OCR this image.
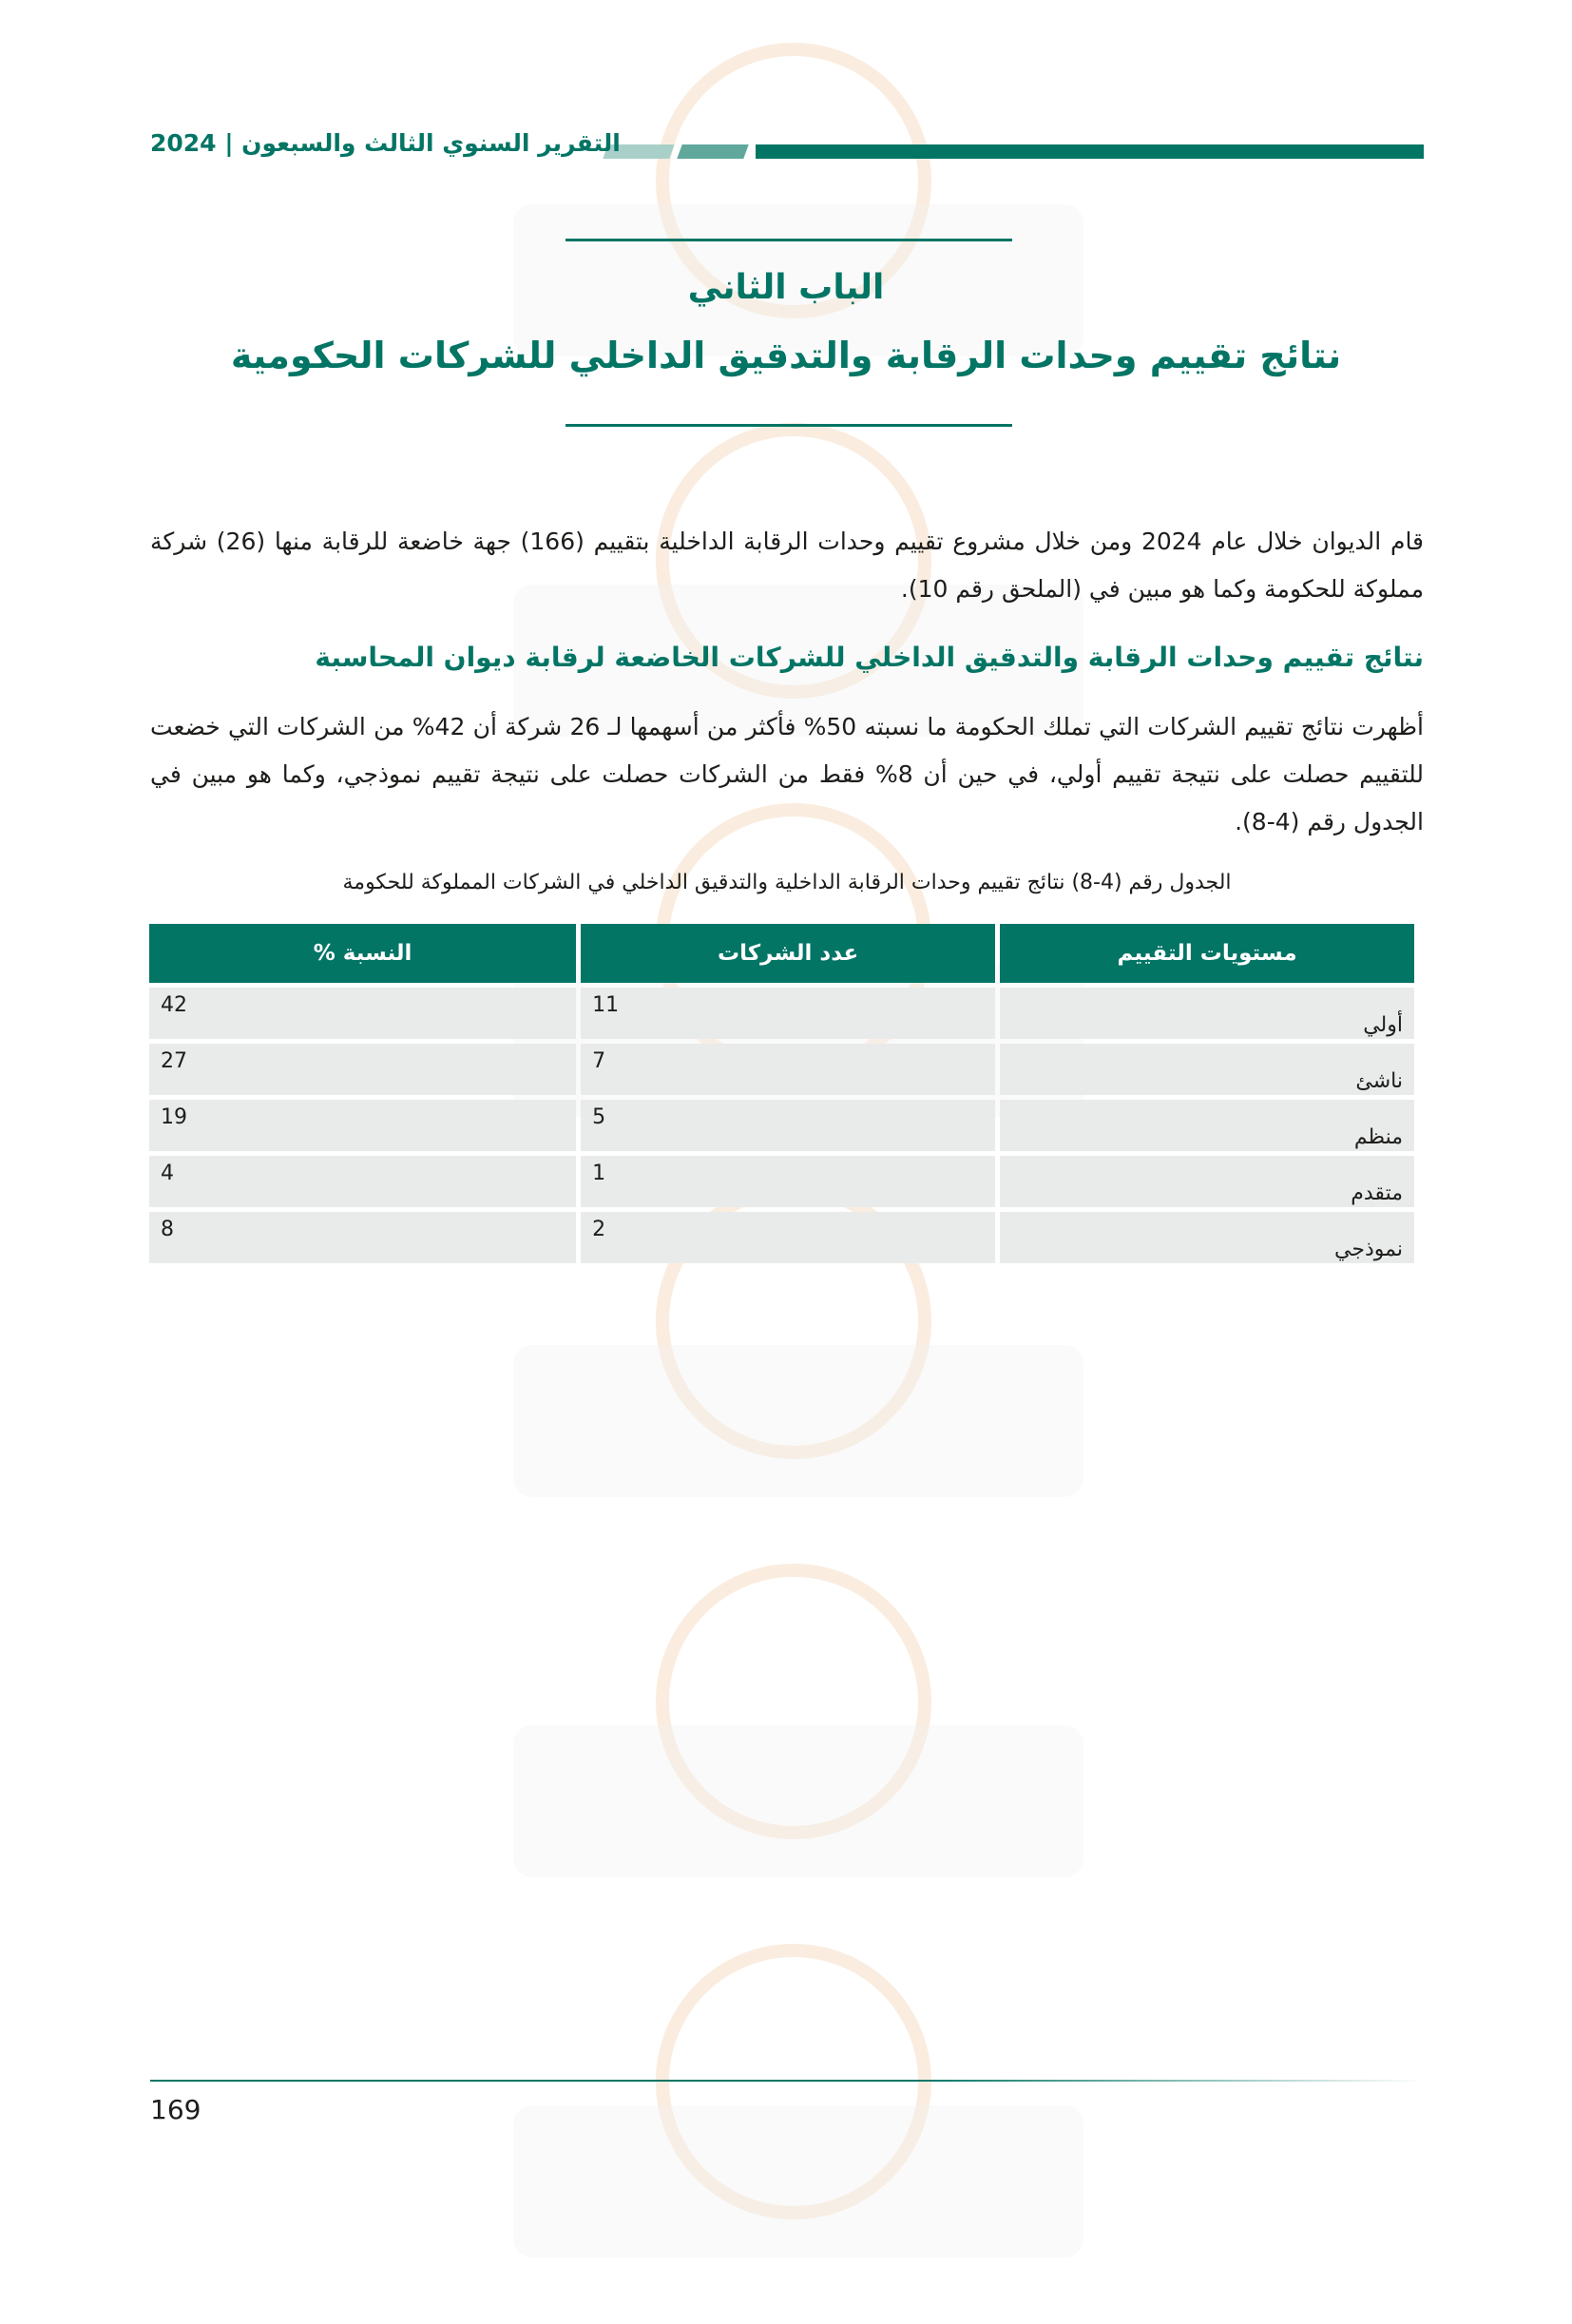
التقرير السنوي الثالث والسبعون | 2024
الباب الثاني
نتائج تقييم وحدات الرقابة والتدقيق الداخلي للشركات الحكومية
قام الديوان خلال عام 2024 ومن خلال مشروع تقييم وحدات الرقابة الداخلية بتقييم (166) جهة خاضعة للرقابة منها (26) شركة مملوكة للحكومة وكما هو مبين في (الملحق رقم 10).
نتائج تقييم وحدات الرقابة والتدقيق الداخلي للشركات الخاضعة لرقابة ديوان المحاسبة
أظهرت نتائج تقييم الشركات التي تملك الحكومة ما نسبته 50% فأكثر من أسهمها لـ 26 شركة أن 42% من الشركات التي خضعت للتقييم حصلت على نتيجة تقييم أولي، في حين أن 8% فقط من الشركات حصلت على نتيجة تقييم نموذجي، وكما هو مبين في الجدول رقم (4-8).
الجدول رقم (4-8) نتائج تقييم وحدات الرقابة الداخلية والتدقيق الداخلي في الشركات المملوكة للحكومة
مستويات التقييم	عدد الشركات	النسبة %
أولي	11	42
ناشئ	7	27
منظم	5	19
متقدم	1	4
نموذجي	2	8
169
